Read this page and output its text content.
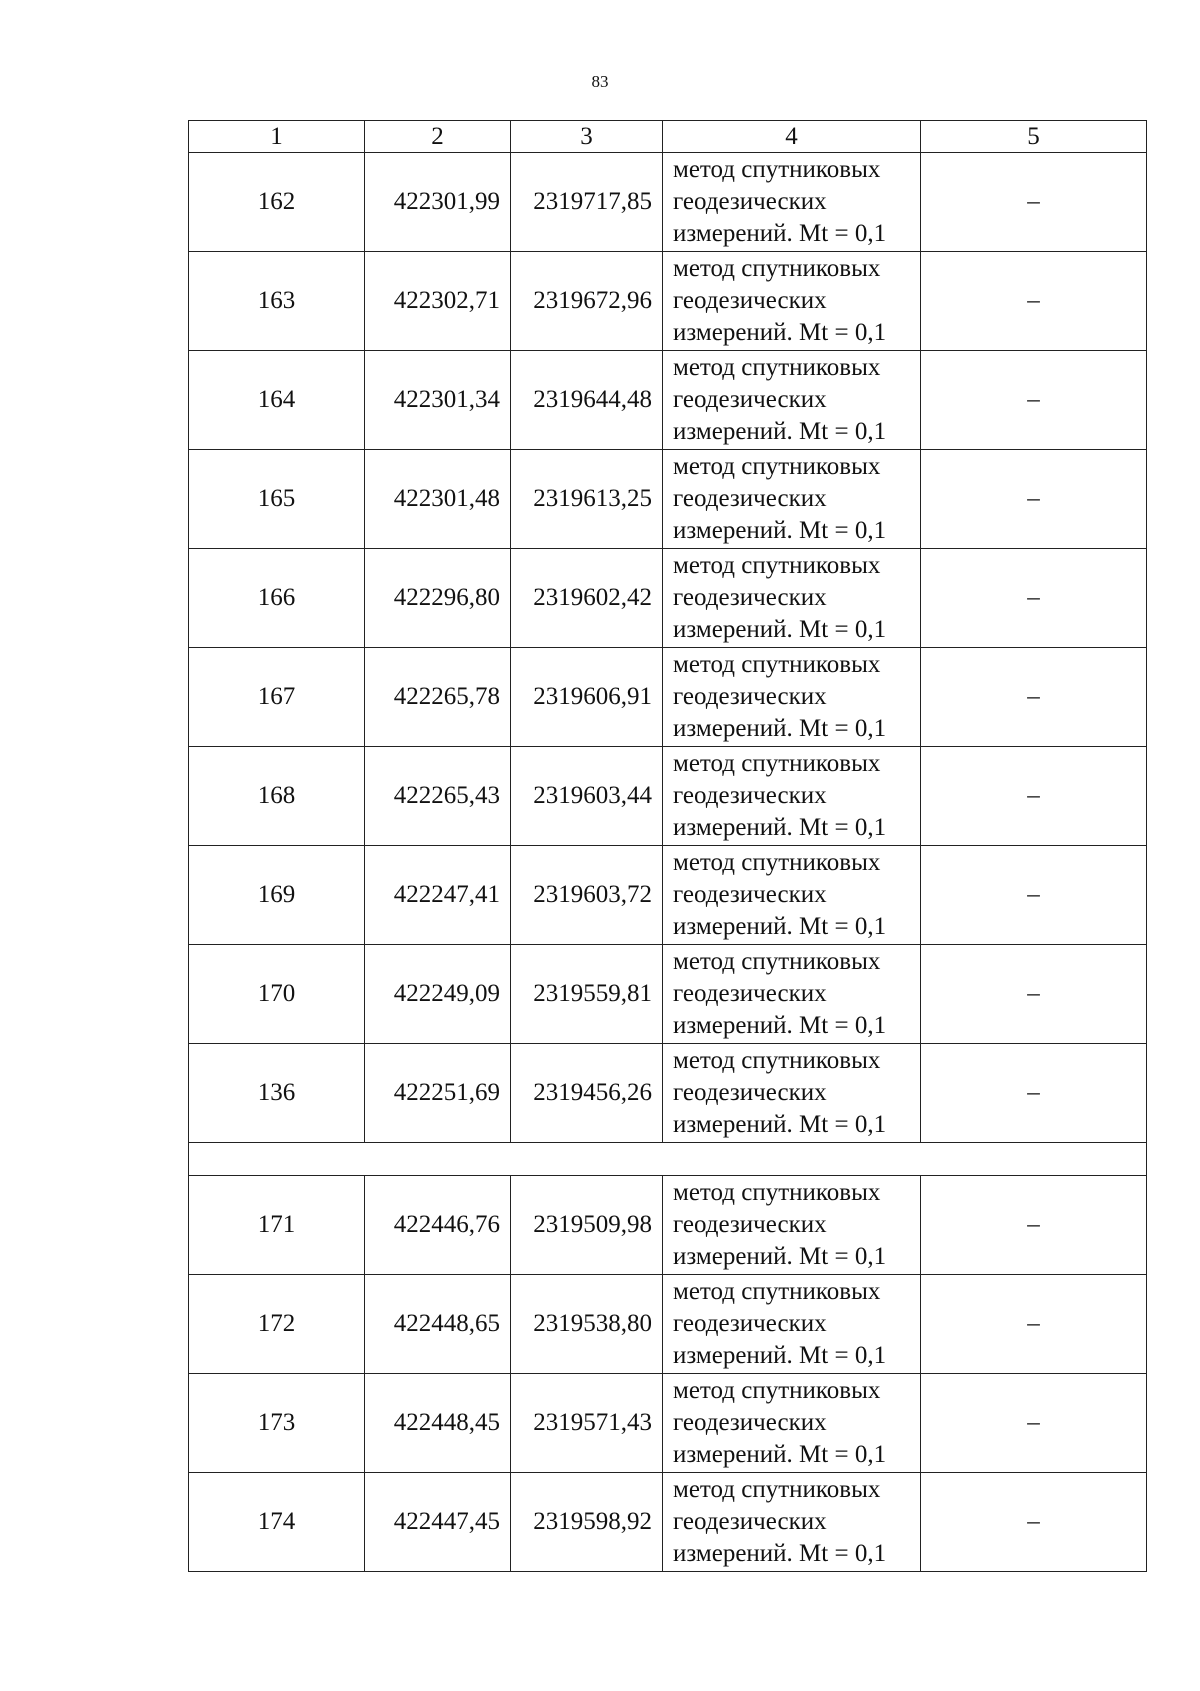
83
1	2	3	4	5
162	422301,99	2319717,85	метод спутниковых
геодезических
измерений. Mt = 0,1	–
163	422302,71	2319672,96	метод спутниковых
геодезических
измерений. Mt = 0,1	–
164	422301,34	2319644,48	метод спутниковых
геодезических
измерений. Mt = 0,1	–
165	422301,48	2319613,25	метод спутниковых
геодезических
измерений. Mt = 0,1	–
166	422296,80	2319602,42	метод спутниковых
геодезических
измерений. Mt = 0,1	–
167	422265,78	2319606,91	метод спутниковых
геодезических
измерений. Mt = 0,1	–
168	422265,43	2319603,44	метод спутниковых
геодезических
измерений. Mt = 0,1	–
169	422247,41	2319603,72	метод спутниковых
геодезических
измерений. Mt = 0,1	–
170	422249,09	2319559,81	метод спутниковых
геодезических
измерений. Mt = 0,1	–
136	422251,69	2319456,26	метод спутниковых
геодезических
измерений. Mt = 0,1	–

171	422446,76	2319509,98	метод спутниковых
геодезических
измерений. Mt = 0,1	–
172	422448,65	2319538,80	метод спутниковых
геодезических
измерений. Mt = 0,1	–
173	422448,45	2319571,43	метод спутниковых
геодезических
измерений. Mt = 0,1	–
174	422447,45	2319598,92	метод спутниковых
геодезических
измерений. Mt = 0,1	–
